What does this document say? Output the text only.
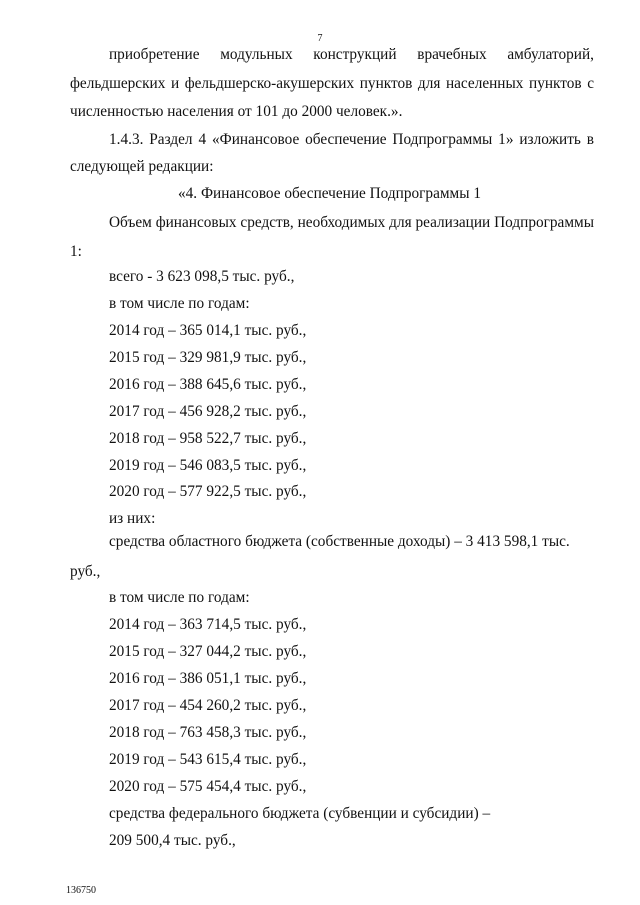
7
приобретение модульных конструкций врачебных амбулаторий,
фельдшерских и фельдшерско-акушерских пунктов для населенных пунктов с
численностью населения от 101 до 2000 человек.».
1.4.3. Раздел 4 «Финансовое обеспечение Подпрограммы 1» изложить в
следующей редакции:
«4. Финансовое обеспечение Подпрограммы 1
Объем финансовых средств, необходимых для реализации Подпрограммы
1:
всего - 3 623 098,5 тыс. руб.,
в том числе по годам:
2014 год – 365 014,1 тыс. руб.,
2015 год – 329 981,9 тыс. руб.,
2016 год – 388 645,6 тыс. руб.,
2017 год – 456 928,2 тыс. руб.,
2018 год – 958 522,7 тыс. руб.,
2019 год – 546 083,5 тыс. руб.,
2020 год – 577 922,5 тыс. руб.,
из них:
средства областного бюджета (собственные доходы) – 3 413 598,1 тыс.
руб.,
в том числе по годам:
2014 год – 363 714,5 тыс. руб.,
2015 год – 327 044,2 тыс. руб.,
2016 год – 386 051,1 тыс. руб.,
2017 год – 454 260,2 тыс. руб.,
2018 год – 763 458,3 тыс. руб.,
2019 год – 543 615,4 тыс. руб.,
2020 год – 575 454,4 тыс. руб.,
средства федерального бюджета (субвенции и субсидии) –
209 500,4 тыс. руб.,
136750
